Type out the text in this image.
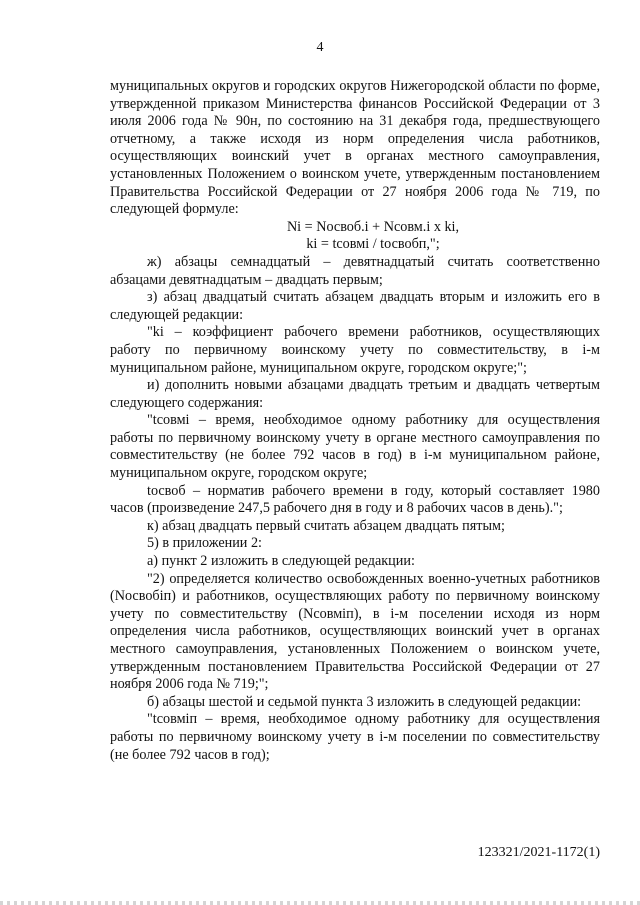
4

муниципальных округов и городских округов Нижегородской области по форме, утвержденной приказом Министерства финансов Российской Федерации от 3 июля 2006 года № 90н, по состоянию на 31 декабря года, предшествующего отчетному, а также исходя из норм определения числа работников, осуществляющих воинский учет в органах местного самоуправления, установленных Положением о воинском учете, утвержденным постановлением Правительства Российской Федерации от 27 ноября 2006 года № 719, по следующей формуле:

Ni = Nосвоб.i + Nсовм.i x ki,

ki = tсовмi / tосвобп,";

ж) абзацы семнадцатый – девятнадцатый считать соответственно абзацами девятнадцатым – двадцать первым;

з) абзац двадцатый считать абзацем двадцать вторым и изложить его в следующей редакции:

"ki – коэффициент рабочего времени работников, осуществляющих работу по первичному воинскому учету по совместительству, в i-м муниципальном районе, муниципальном округе, городском округе;";

и) дополнить новыми абзацами двадцать третьим и двадцать четвертым следующего содержания:

"tсовмi – время, необходимое одному работнику для осуществления работы по первичному воинскому учету в органе местного самоуправления по совместительству (не более 792 часов в год) в i-м муниципальном районе, муниципальном округе, городском округе;

tосвоб – норматив рабочего времени в году, который составляет 1980 часов (произведение 247,5 рабочего дня в году и 8 рабочих часов в день).";

к) абзац двадцать первый считать абзацем двадцать пятым;

5) в приложении 2:

а) пункт 2 изложить в следующей редакции:

"2) определяется количество освобожденных военно-учетных работников (Nосвобiп) и работников, осуществляющих работу по первичному воинскому учету по совместительству (Nсовміп), в i-м поселении исходя из норм определения числа работников, осуществляющих воинский учет в органах местного самоуправления, установленных Положением о воинском учете, утвержденным постановлением Правительства Российской Федерации от 27 ноября 2006 года № 719;";

б) абзацы шестой и седьмой пункта 3 изложить в следующей редакции:

"tсовміп – время, необходимое одному работнику для осуществления работы по первичному воинскому учету в i-м поселении по совместительству (не более 792 часов в год);

123321/2021-1172(1)
